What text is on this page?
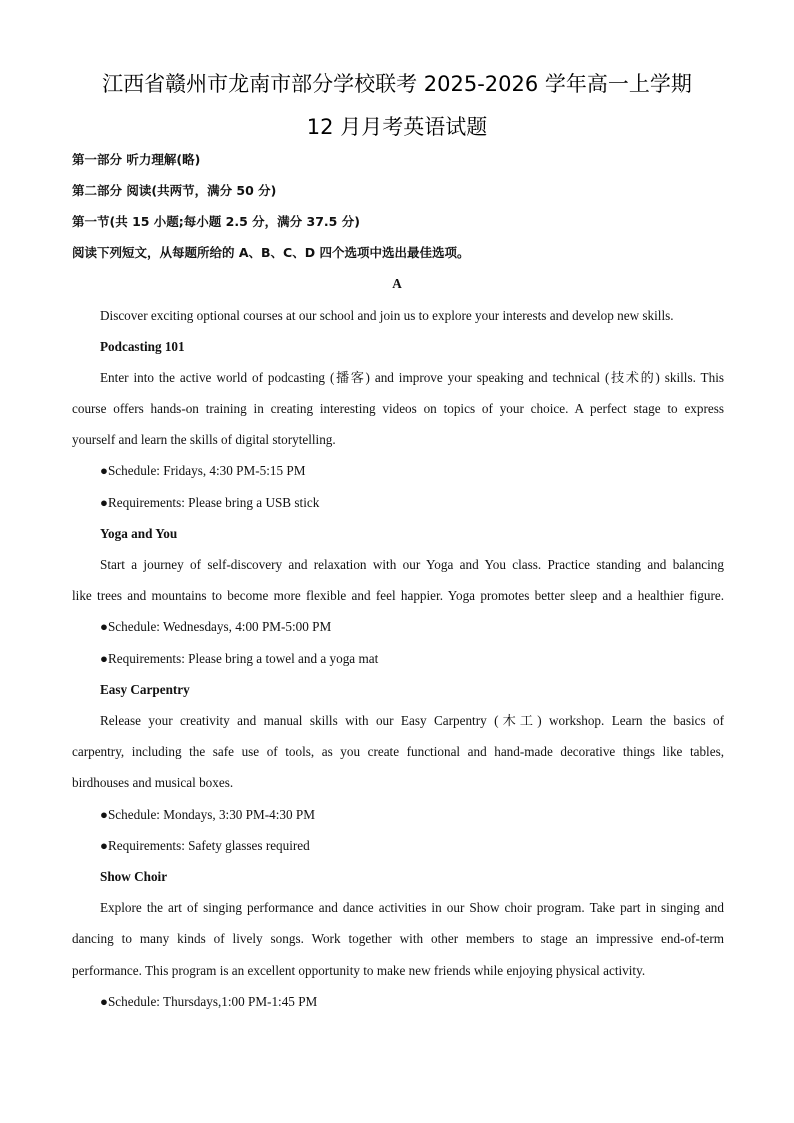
江西省赣州市龙南市部分学校联考 2025-2026 学年高一上学期
12 月月考英语试题
第一部分 听力理解(略)
第二部分 阅读(共两节，满分 50 分)
第一节(共 15 小题;每小题 2.5 分，满分 37.5 分)
阅读下列短文，从每题所给的 A、B、C、D 四个选项中选出最佳选项。
A
Discover exciting optional courses at our school and join us to explore your interests and develop new skills.
Podcasting 101
Enter into the active world of podcasting (播客) and improve your speaking and technical (技术的) skills. This
course offers hands-on training in creating interesting videos on topics of your choice. A perfect stage to express
yourself and learn the skills of digital storytelling.
●Schedule: Fridays, 4:30 PM-5:15 PM
●Requirements: Please bring a USB stick
Yoga and You
Start a journey of self-discovery and relaxation with our Yoga and You class. Practice standing and balancing
like trees and mountains to become more flexible and feel happier. Yoga promotes better sleep and a healthier figure.
●Schedule: Wednesdays, 4:00 PM-5:00 PM
●Requirements: Please bring a towel and a yoga mat
Easy Carpentry
Release your creativity and manual skills with our Easy Carpentry (木工) workshop. Learn the basics of
carpentry, including the safe use of tools, as you create functional and hand-made decorative things like tables,
birdhouses and musical boxes.
●Schedule: Mondays, 3:30 PM-4:30 PM
●Requirements: Safety glasses required
Show Choir
Explore the art of singing performance and dance activities in our Show choir program. Take part in singing and
dancing to many kinds of lively songs. Work together with other members to stage an impressive end-of-term
performance. This program is an excellent opportunity to make new friends while enjoying physical activity.
●Schedule: Thursdays,1:00 PM-1:45 PM
